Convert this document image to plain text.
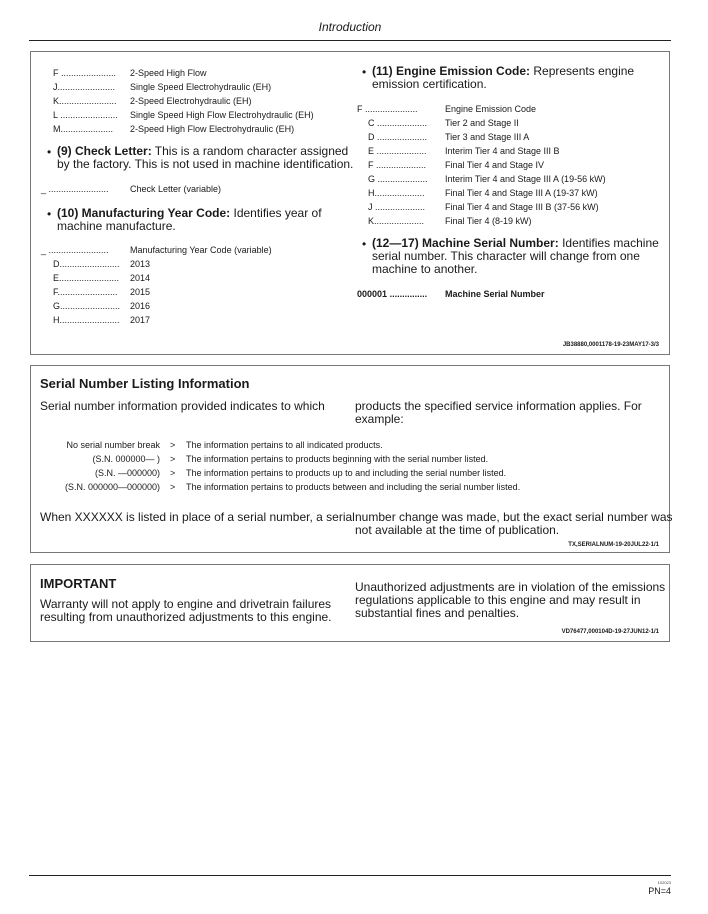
Introduction
F ...................... 2-Speed High Flow
J....................... Single Speed Electrohydraulic (EH)
K....................... 2-Speed Electrohydraulic (EH)
L ....................... Single Speed High Flow Electrohydraulic (EH)
M..................... 2-Speed High Flow Electrohydraulic (EH)
• (9) Check Letter: This is a random character assigned
by the factory. This is not used in machine identification.
_ ........................ Check Letter (variable)
• (10) Manufacturing Year Code: Identifies year of
machine manufacture.
_ ........................ Manufacturing Year Code (variable)
D........................ 2013
E........................ 2014
F........................ 2015
G........................ 2016
H........................ 2017
• (11) Engine Emission Code: Represents engine
emission certification.
F .....................	Engine Emission Code
C .................... Tier 2 and Stage II
D .................... Tier 3 and Stage III A
E .................... Interim Tier 4 and Stage III B
F .................... Final Tier 4 and Stage IV
G .................... Interim Tier 4 and Stage III A (19-56 kW)
H.................... Final Tier 4 and Stage III A (19-37 kW)
J .................... Final Tier 4 and Stage III B (37-56 kW)
K.................... Final Tier 4 (8-19 kW)
• (12—17) Machine Serial Number: Identifies machine
serial number. This character will change from one
machine to another.
000001 ............... Machine Serial Number
JB38880,0001178-19-23MAY17-3/3
Serial Number Listing Information
Serial number information provided indicates to which	products the specified service information applies. For
example:
No serial number break > The information pertains to all indicated products.
(S.N. 000000— ) > The information pertains to products beginning with the serial number listed.
(S.N. —000000) > The information pertains to products up to and including the serial number listed.
(S.N. 000000—000000) > The information pertains to products between and including the serial number listed.
When XXXXXX is listed in place of a serial number, a serial number change was made, but the exact serial number was
not available at the time of publication.
TX,SERIALNUM-19-20JUL22-1/1
IMPORTANT
Warranty will not apply to engine and drivetrain failures
resulting from unauthorized adjustments to this engine.
Unauthorized adjustments are in violation of the emissions
regulations applicable to this engine and may result in
substantial fines and penalties.
VD76477,000104D-19-27JUN12-1/1
102023
PN=4
